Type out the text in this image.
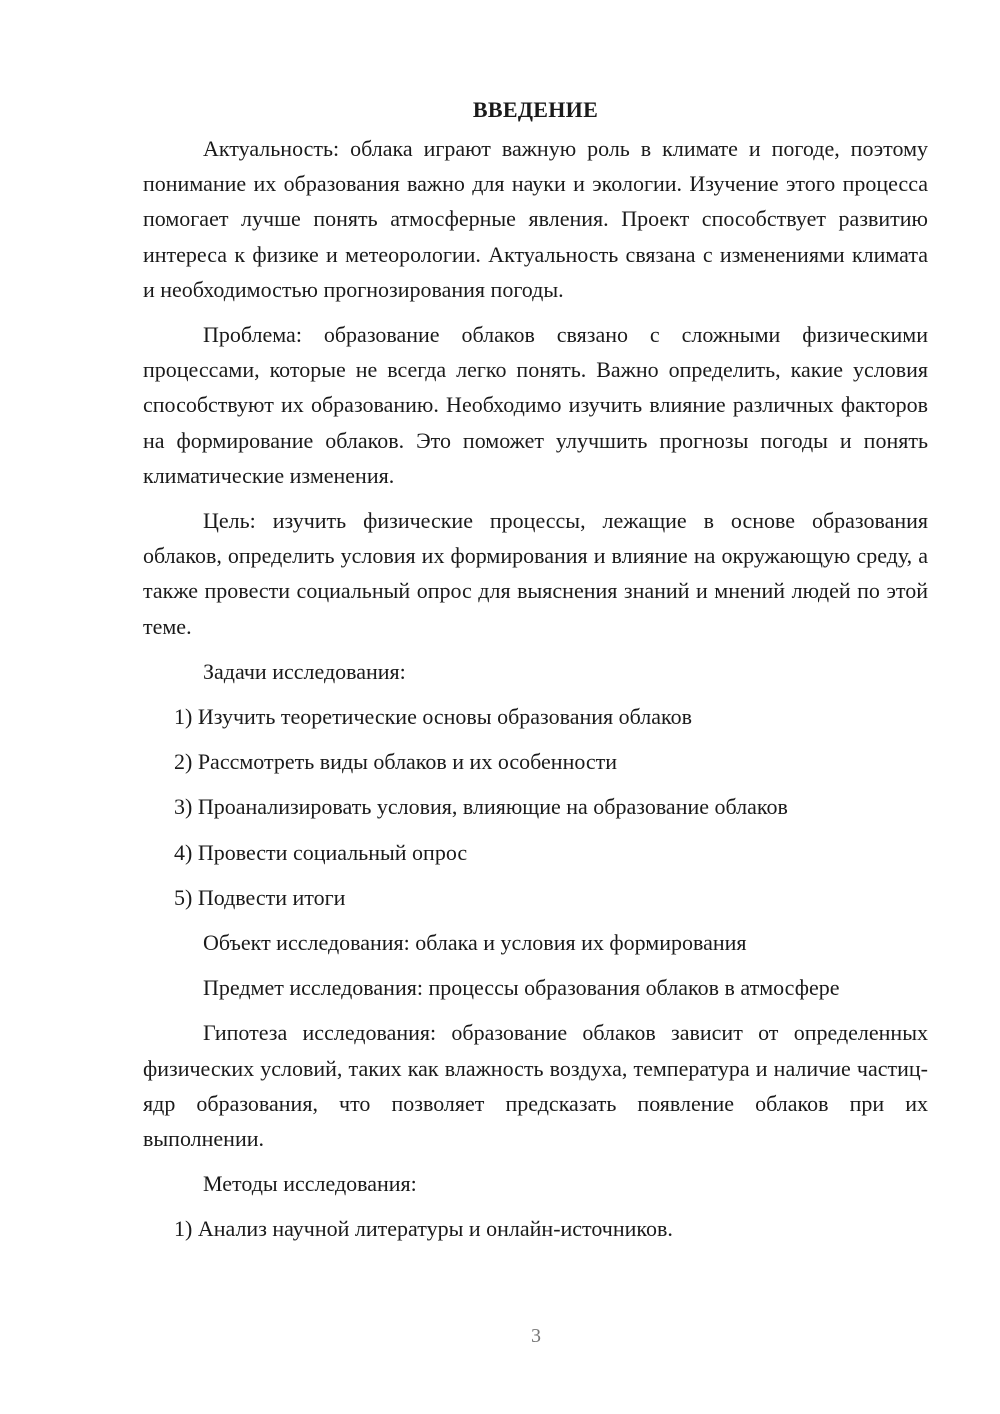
ВВЕДЕНИЕ

Актуальность: облака играют важную роль в климате и погоде, поэтому понимание их образования важно для науки и экологии. Изучение этого процесса помогает лучше понять атмосферные явления. Проект способствует развитию интереса к физике и метеорологии. Актуальность связана с изменениями климата и необходимостью прогнозирования погоды.

Проблема: образование облаков связано с сложными физическими процессами, которые не всегда легко понять. Важно определить, какие условия способствуют их образованию. Необходимо изучить влияние различных факторов на формирование облаков. Это поможет улучшить прогнозы погоды и понять климатические изменения.

Цель: изучить физические процессы, лежащие в основе образования облаков, определить условия их формирования и влияние на окружающую среду, а также провести социальный опрос для выяснения знаний и мнений людей по этой теме.

Задачи исследования:

1) Изучить теоретические основы образования облаков

2) Рассмотреть виды облаков и их особенности

3) Проанализировать условия, влияющие на образование облаков

4) Провести социальный опрос

5) Подвести итоги

Объект исследования: облака и условия их формирования

Предмет исследования: процессы образования облаков в атмосфере

Гипотеза исследования: образование облаков зависит от определенных физических условий, таких как влажность воздуха, температура и наличие частиц-ядр образования, что позволяет предсказать появление облаков при их выполнении.

Методы исследования:

1) Анализ научной литературы и онлайн-источников.

3
